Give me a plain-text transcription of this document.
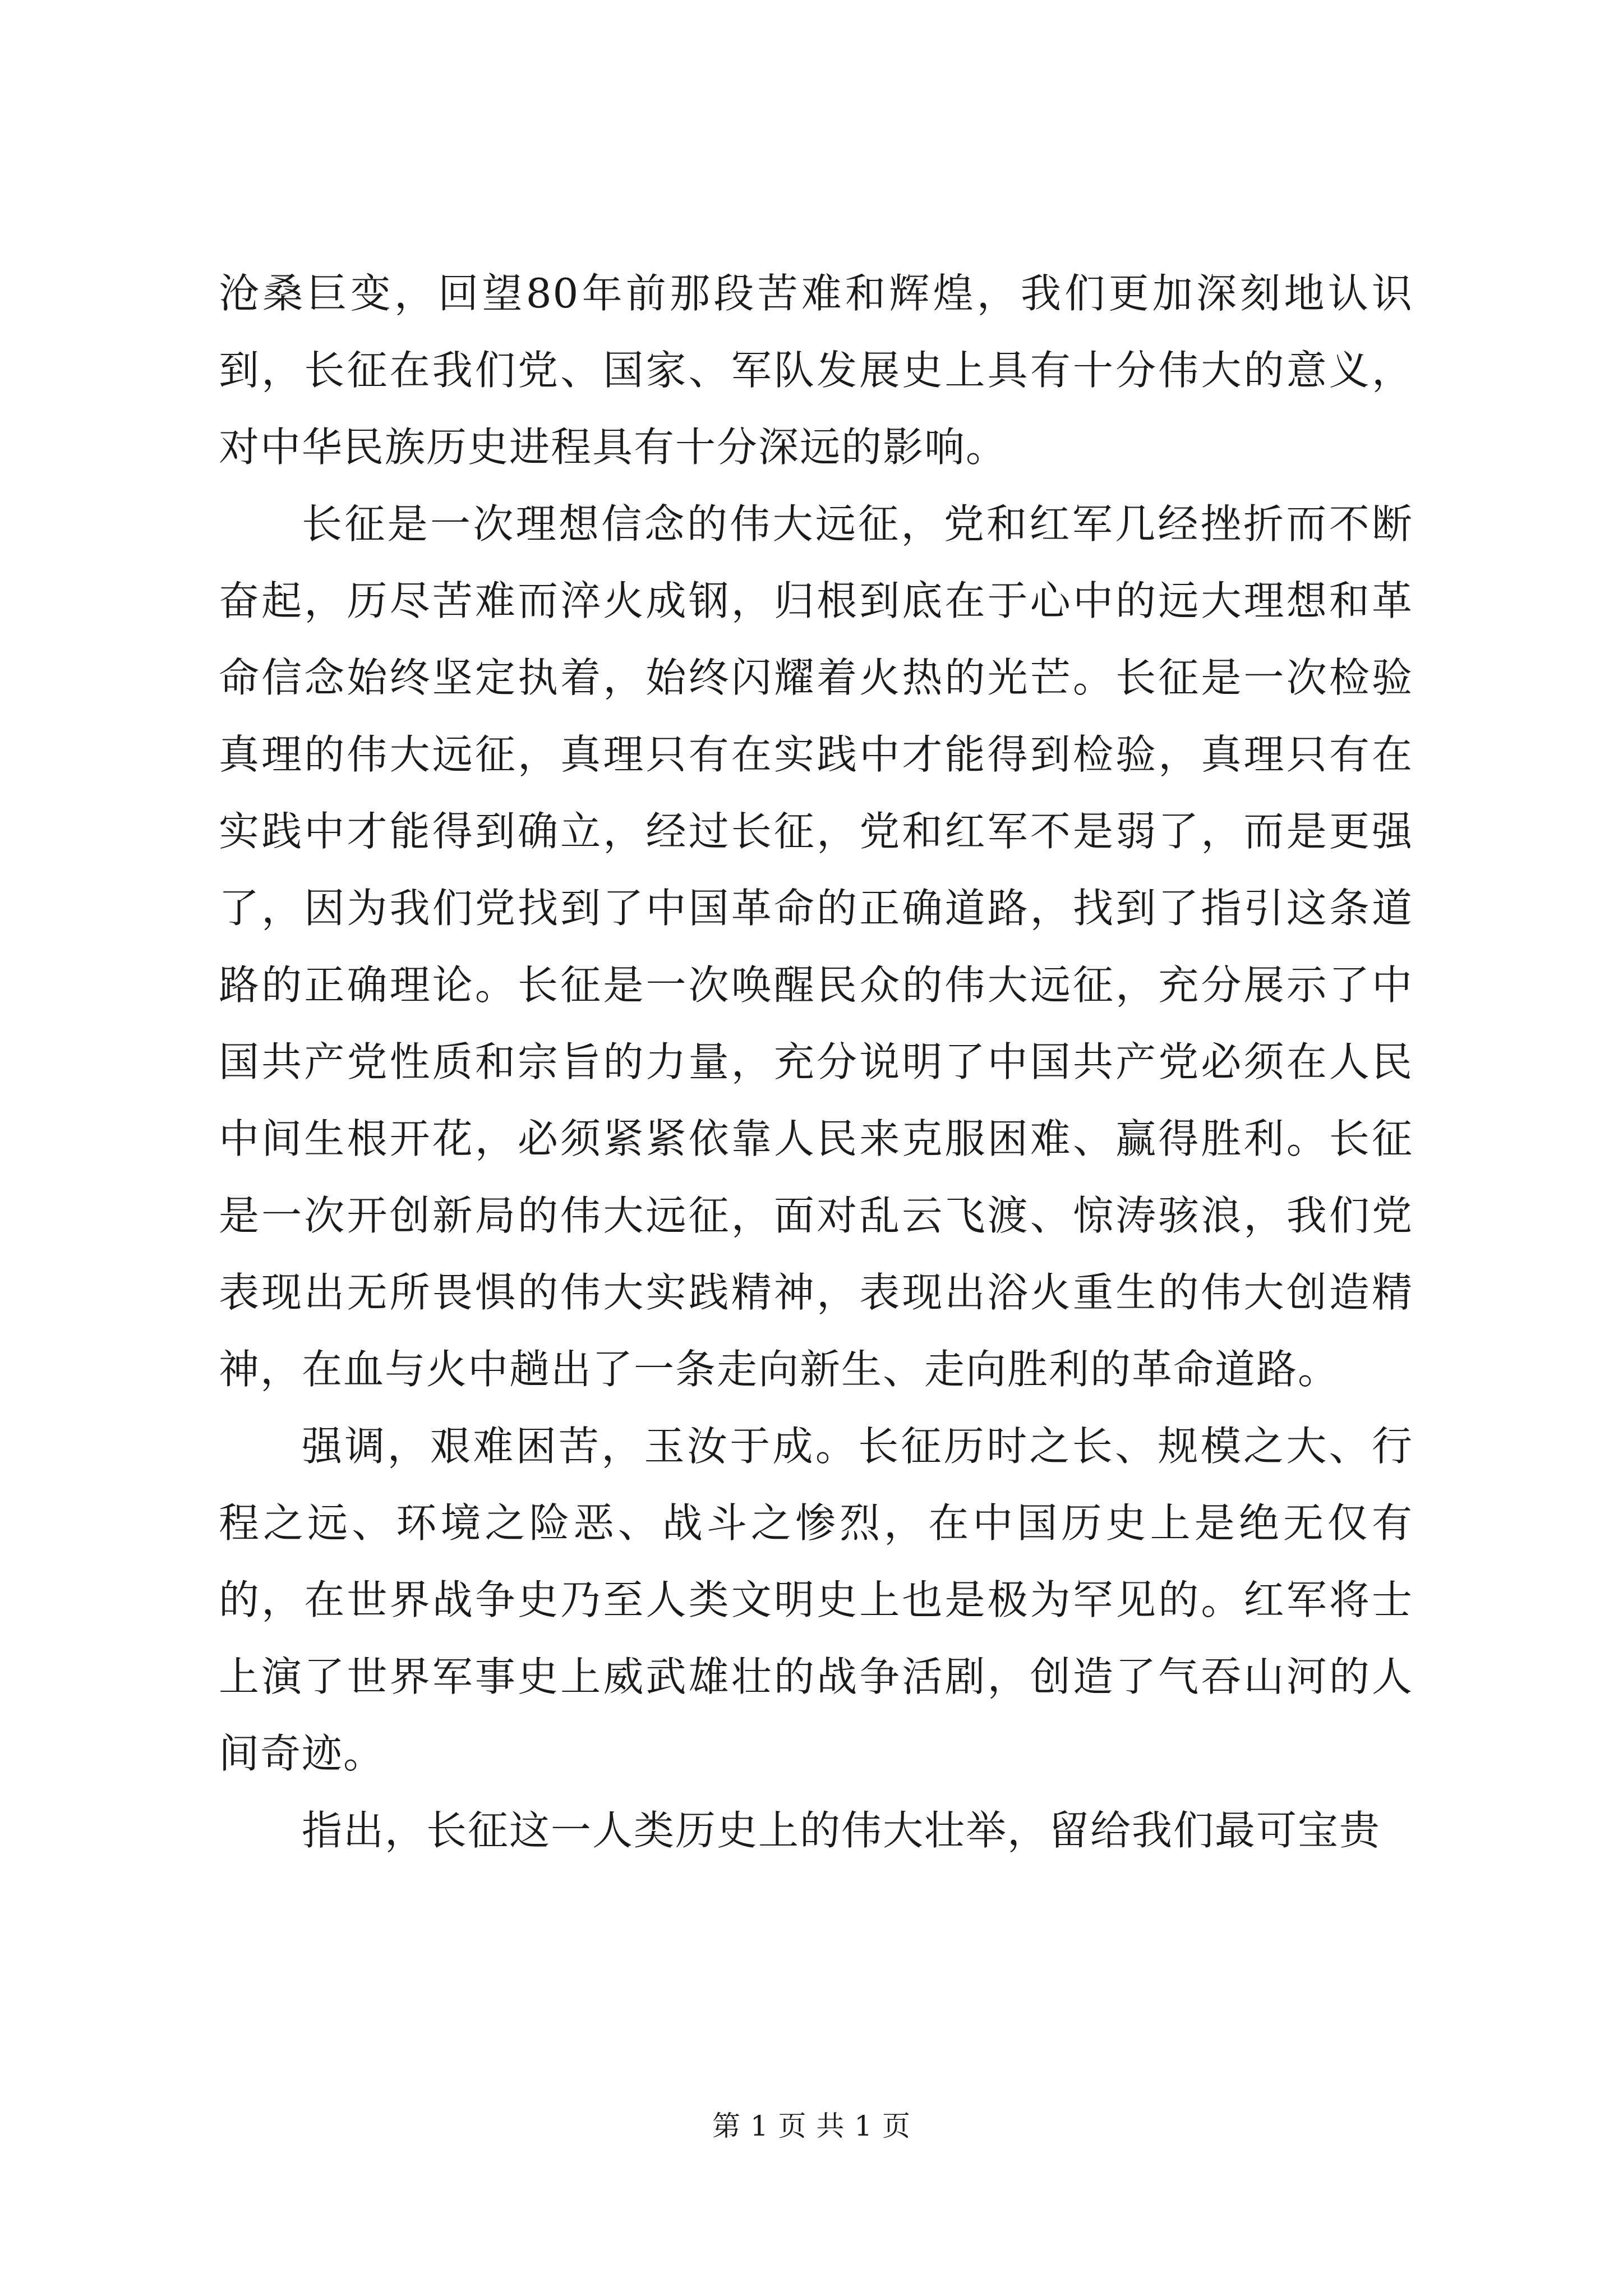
沧桑巨变，回望80年前那段苦难和辉煌，我们更加深刻地认识到，长征在我们党、国家、军队发展史上具有十分伟大的意义，对中华民族历史进程具有十分深远的影响。

长征是一次理想信念的伟大远征，党和红军几经挫折而不断奋起，历尽苦难而淬火成钢，归根到底在于心中的远大理想和革命信念始终坚定执着，始终闪耀着火热的光芒。长征是一次检验真理的伟大远征，真理只有在实践中才能得到检验，真理只有在实践中才能得到确立，经过长征，党和红军不是弱了，而是更强了，因为我们党找到了中国革命的正确道路，找到了指引这条道路的正确理论。长征是一次唤醒民众的伟大远征，充分展示了中国共产党性质和宗旨的力量，充分说明了中国共产党必须在人民中间生根开花，必须紧紧依靠人民来克服困难、赢得胜利。长征是一次开创新局的伟大远征，面对乱云飞渡、惊涛骇浪，我们党表现出无所畏惧的伟大实践精神，表现出浴火重生的伟大创造精神，在血与火中趟出了一条走向新生、走向胜利的革命道路。

强调，艰难困苦，玉汝于成。长征历时之长、规模之大、行程之远、环境之险恶、战斗之惨烈，在中国历史上是绝无仅有的，在世界战争史乃至人类文明史上也是极为罕见的。红军将士上演了世界军事史上威武雄壮的战争活剧，创造了气吞山河的人间奇迹。

指出，长征这一人类历史上的伟大壮举，留给我们最可宝贵

第 1 页 共 1 页
